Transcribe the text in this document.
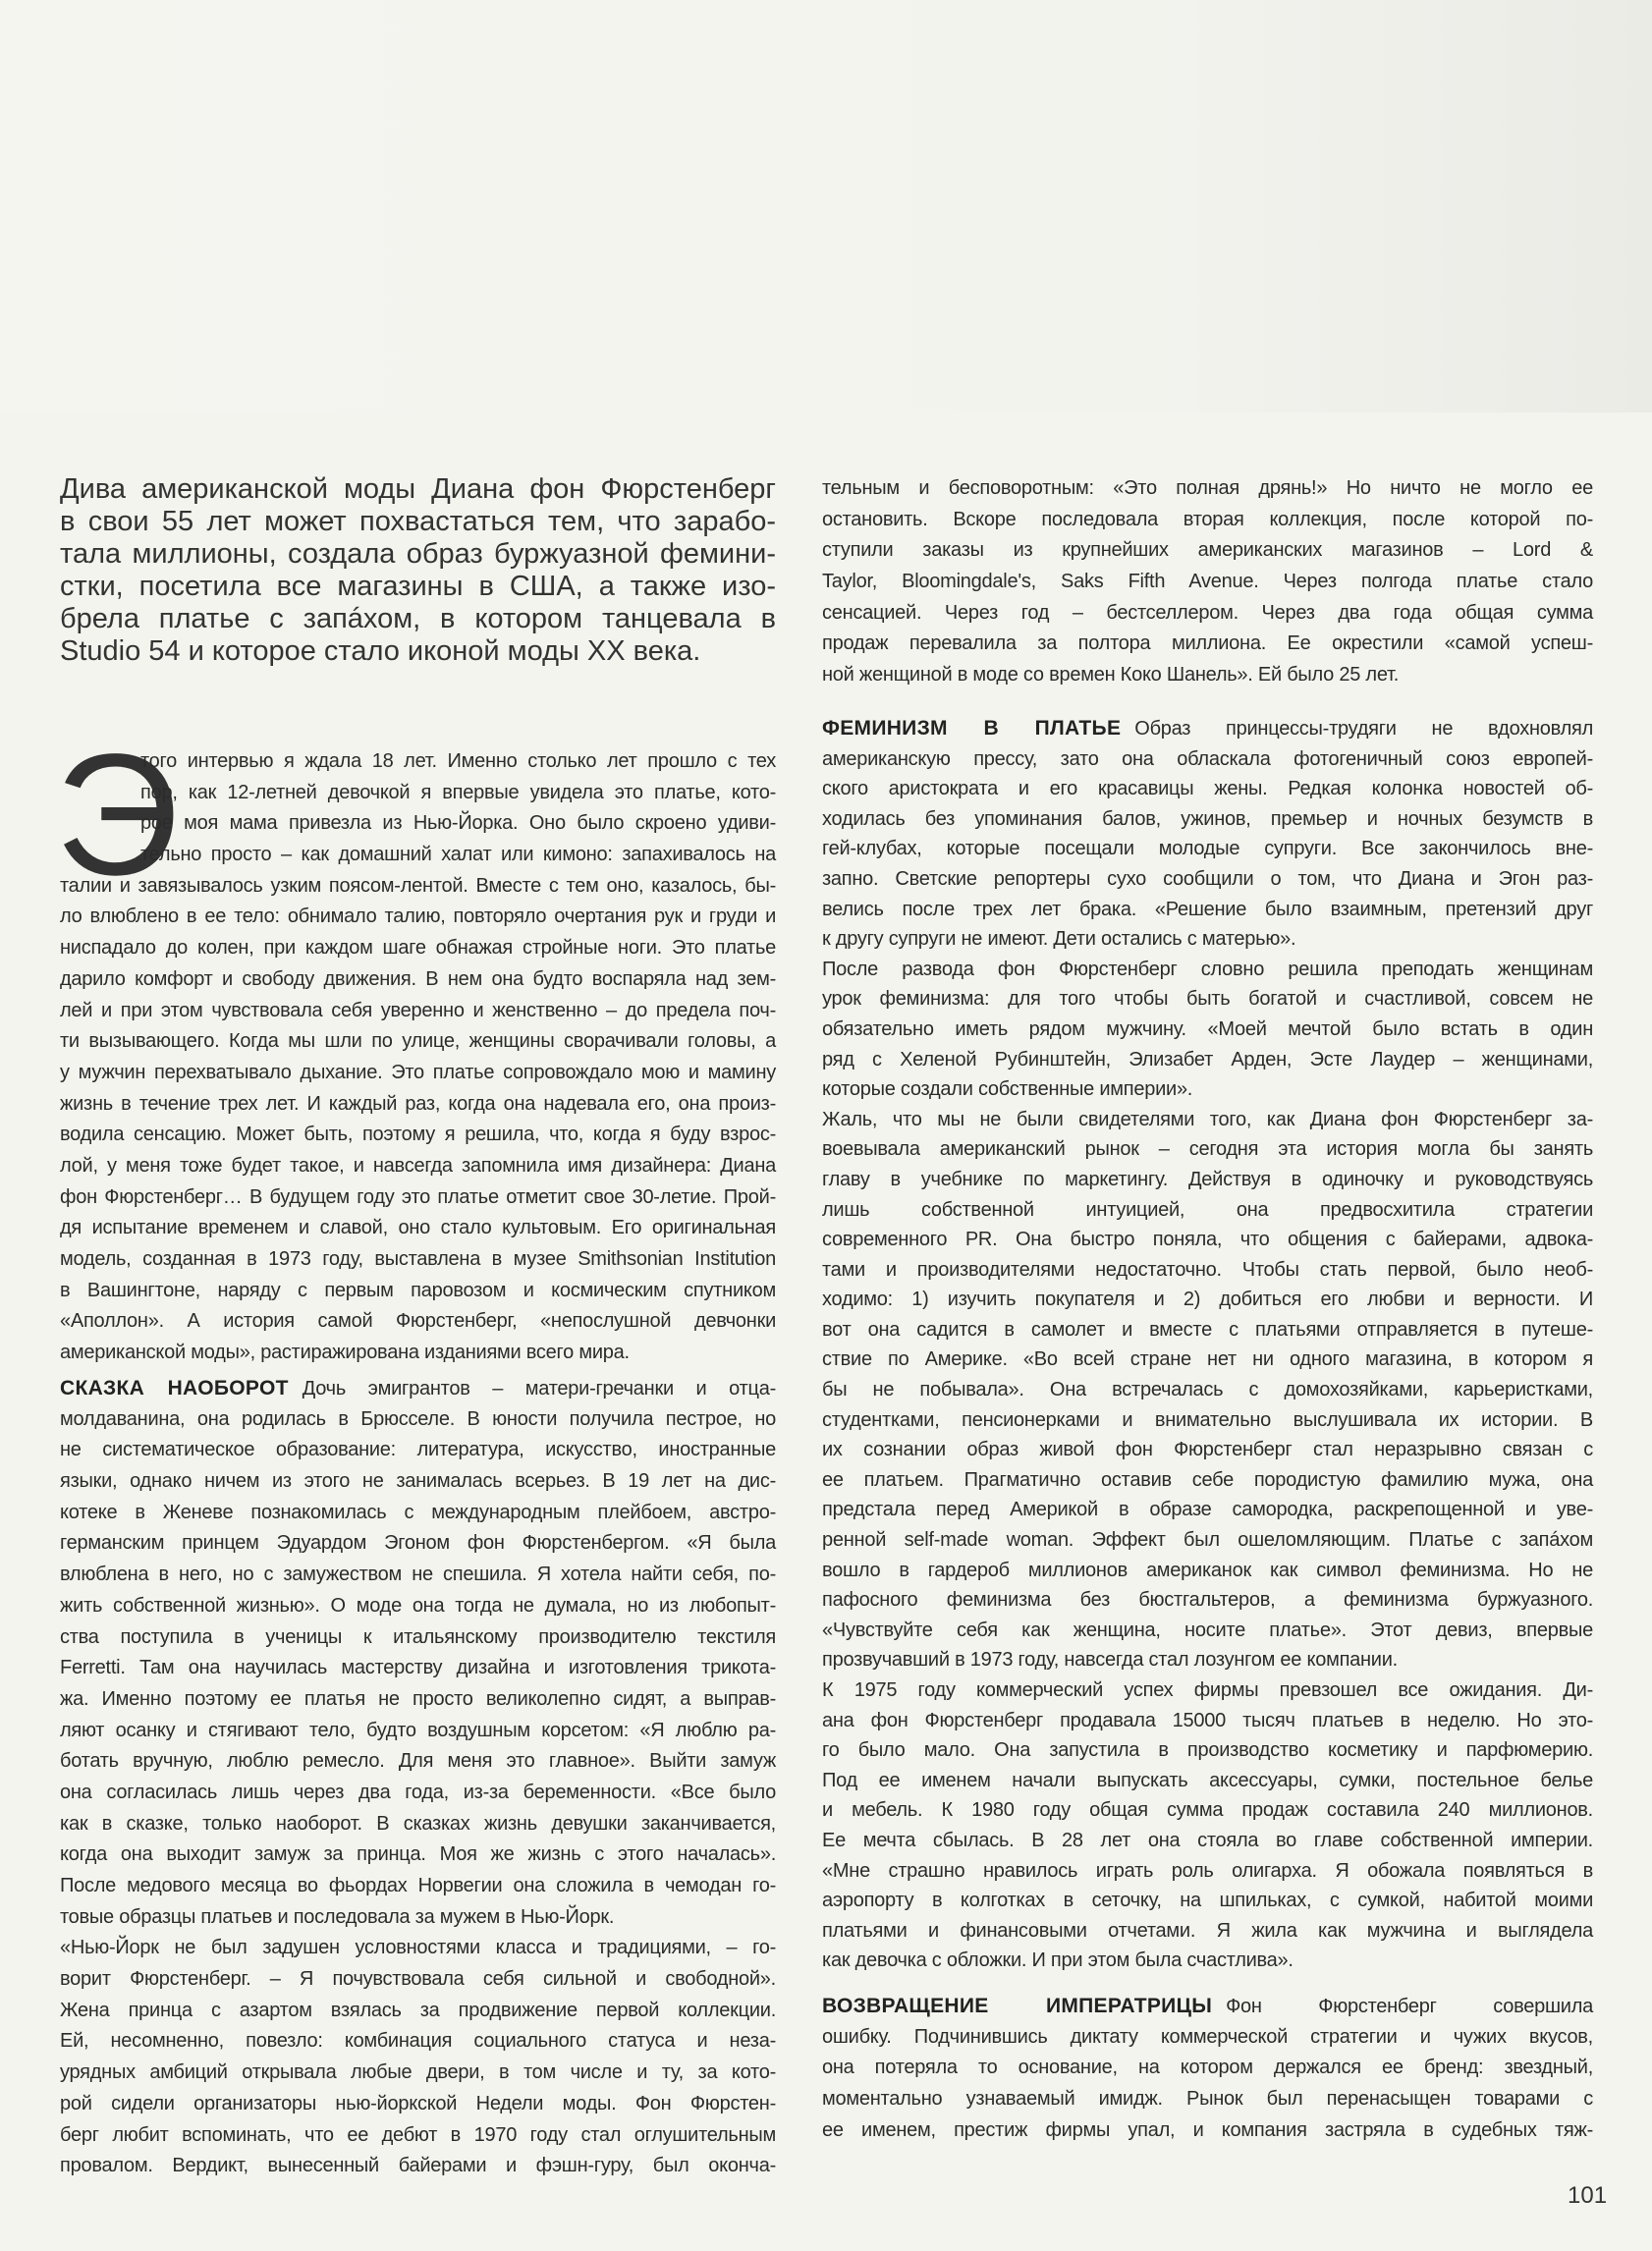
Дива американской моды Диана фон Фюрстенберг
в свои 55 лет может похвастаться тем, что зарабо-
тала миллионы, создала образ буржуазной фемини-
стки, посетила все магазины в США, а также изо-
брела платье с запáхом, в котором танцевала в
Studio 54 и которое стало иконой моды XX века.
Э
того интервью я ждала 18 лет. Именно столько лет прошло с тех
пор, как 12-летней девочкой я впервые увидела это платье, кото-
рое моя мама привезла из Нью-Йорка. Оно было скроено удиви-
тельно просто – как домашний халат или кимоно: запахивалось на
талии и завязывалось узким поясом-лентой. Вместе с тем оно, казалось, бы-
ло влюблено в ее тело: обнимало талию, повторяло очертания рук и груди и
ниспадало до колен, при каждом шаге обнажая стройные ноги. Это платье
дарило комфорт и свободу движения. В нем она будто воспаряла над зем-
лей и при этом чувствовала себя уверенно и женственно – до предела поч-
ти вызывающего. Когда мы шли по улице, женщины сворачивали головы, а
у мужчин перехватывало дыхание. Это платье сопровождало мою и мамину
жизнь в течение трех лет. И каждый раз, когда она надевала его, она произ-
водила сенсацию. Может быть, поэтому я решила, что, когда я буду взрос-
лой, у меня тоже будет такое, и навсегда запомнила имя дизайнера: Диана
фон Фюрстенберг… В будущем году это платье отметит свое 30-летие. Прой-
дя испытание временем и славой, оно стало культовым. Его оригинальная
модель, созданная в 1973 году, выставлена в музее Smithsonian Institution
в Вашингтоне, наряду с первым паровозом и космическим спутником
«Аполлон». А история самой Фюрстенберг, «непослушной девчонки
американской моды», растиражирована изданиями всего мира.
СКАЗКА НАОБОРОТ Дочь эмигрантов – матери-гречанки и отца-
молдаванина, она родилась в Брюсселе. В юности получила пестрое, но
не систематическое образование: литература, искусство, иностранные
языки, однако ничем из этого не занималась всерьез. В 19 лет на дис-
котеке в Женеве познакомилась с международным плейбоем, австро-
германским принцем Эдуардом Эгоном фон Фюрстенбергом. «Я была
влюблена в него, но с замужеством не спешила. Я хотела найти себя, по-
жить собственной жизнью». О моде она тогда не думала, но из любопыт-
ства поступила в ученицы к итальянскому производителю текстиля
Ferretti. Там она научилась мастерству дизайна и изготовления трикота-
жа. Именно поэтому ее платья не просто великолепно сидят, а выправ-
ляют осанку и стягивают тело, будто воздушным корсетом: «Я люблю ра-
ботать вручную, люблю ремесло. Для меня это главное». Выйти замуж
она согласилась лишь через два года, из-за беременности. «Все было
как в сказке, только наоборот. В сказках жизнь девушки заканчивается,
когда она выходит замуж за принца. Моя же жизнь с этого началась».
После медового месяца во фьордах Норвегии она сложила в чемодан го-
товые образцы платьев и последовала за мужем в Нью-Йорк.
«Нью-Йорк не был задушен условностями класса и традициями, – го-
ворит Фюрстенберг. – Я почувствовала себя сильной и свободной».
Жена принца с азартом взялась за продвижение первой коллекции.
Ей, несомненно, повезло: комбинация социального статуса и неза-
урядных амбиций открывала любые двери, в том числе и ту, за кото-
рой сидели организаторы нью-йоркской Недели моды. Фон Фюрстен-
берг любит вспоминать, что ее дебют в 1970 году стал оглушительным
провалом. Вердикт, вынесенный байерами и фэшн-гуру, был оконча-
тельным и бесповоротным: «Это полная дрянь!» Но ничто не могло ее
остановить. Вскоре последовала вторая коллекция, после которой по-
ступили заказы из крупнейших американских магазинов – Lord &
Taylor, Bloomingdale's, Saks Fifth Avenue. Через полгода платье стало
сенсацией. Через год – бестселлером. Через два года общая сумма
продаж перевалила за полтора миллиона. Ее окрестили «самой успеш-
ной женщиной в моде со времен Коко Шанель». Ей было 25 лет.
ФЕМИНИЗМ В ПЛАТЬЕ Образ принцессы-трудяги не вдохновлял
американскую прессу, зато она обласкала фотогеничный союз европей-
ского аристократа и его красавицы жены. Редкая колонка новостей об-
ходилась без упоминания балов, ужинов, премьер и ночных безумств в
гей-клубах, которые посещали молодые супруги. Все закончилось вне-
запно. Светские репортеры сухо сообщили о том, что Диана и Эгон раз-
велись после трех лет брака. «Решение было взаимным, претензий друг
к другу супруги не имеют. Дети остались с матерью».
После развода фон Фюрстенберг словно решила преподать женщинам
урок феминизма: для того чтобы быть богатой и счастливой, совсем не
обязательно иметь рядом мужчину. «Моей мечтой было встать в один
ряд с Хеленой Рубинштейн, Элизабет Арден, Эсте Лаудер – женщинами,
которые создали собственные империи».
Жаль, что мы не были свидетелями того, как Диана фон Фюрстенберг за-
воевывала американский рынок – сегодня эта история могла бы занять
главу в учебнике по маркетингу. Действуя в одиночку и руководствуясь
лишь собственной интуицией, она предвосхитила стратегии
современного PR. Она быстро поняла, что общения с байерами, адвока-
тами и производителями недостаточно. Чтобы стать первой, было необ-
ходимо: 1) изучить покупателя и 2) добиться его любви и верности. И
вот она садится в самолет и вместе с платьями отправляется в путеше-
ствие по Америке. «Во всей стране нет ни одного магазина, в котором я
бы не побывала». Она встречалась с домохозяйками, карьеристками,
студентками, пенсионерками и внимательно выслушивала их истории. В
их сознании образ живой фон Фюрстенберг стал неразрывно связан с
ее платьем. Прагматично оставив себе породистую фамилию мужа, она
предстала перед Америкой в образе самородка, раскрепощенной и уве-
ренной self-made woman. Эффект был ошеломляющим. Платье с запáхом
вошло в гардероб миллионов американок как символ феминизма. Но не
пафосного феминизма без бюстгальтеров, а феминизма буржуазного.
«Чувствуйте себя как женщина, носите платье». Этот девиз, впервые
прозвучавший в 1973 году, навсегда стал лозунгом ее компании.
К 1975 году коммерческий успех фирмы превзошел все ожидания. Ди-
ана фон Фюрстенберг продавала 15000 тысяч платьев в неделю. Но это-
го было мало. Она запустила в производство косметику и парфюмерию.
Под ее именем начали выпускать аксессуары, сумки, постельное белье
и мебель. К 1980 году общая сумма продаж составила 240 миллионов.
Ее мечта сбылась. В 28 лет она стояла во главе собственной империи.
«Мне страшно нравилось играть роль олигарха. Я обожала появляться в
аэропорту в колготках в сеточку, на шпильках, с сумкой, набитой моими
платьями и финансовыми отчетами. Я жила как мужчина и выглядела
как девочка с обложки. И при этом была счастлива».
ВОЗВРАЩЕНИЕ ИМПЕРАТРИЦЫ Фон Фюрстенберг совершила
ошибку. Подчинившись диктату коммерческой стратегии и чужих вкусов,
она потеряла то основание, на котором держался ее бренд: звездный,
моментально узнаваемый имидж. Рынок был перенасыщен товарами с
ее именем, престиж фирмы упал, и компания застряла в судебных тяж-
101
